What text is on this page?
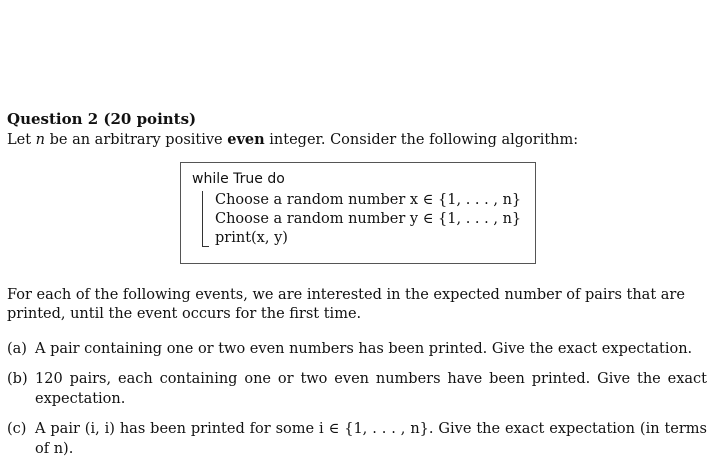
Question 2 (20 points)
Let n be an arbitrary positive even integer. Consider the following algorithm:
while True do
Choose a random number x ∈ {1, . . . , n}
Choose a random number y ∈ {1, . . . , n}
print(x, y)
For each of the following events, we are interested in the expected number of pairs that are printed, until the event occurs for the first time.
(a) A pair containing one or two even numbers has been printed. Give the exact expectation.
(b) 120 pairs, each containing one or two even numbers have been printed. Give the exact expectation.
(c) A pair (i, i) has been printed for some i ∈ {1, . . . , n}. Give the exact expectation (in terms of n).
